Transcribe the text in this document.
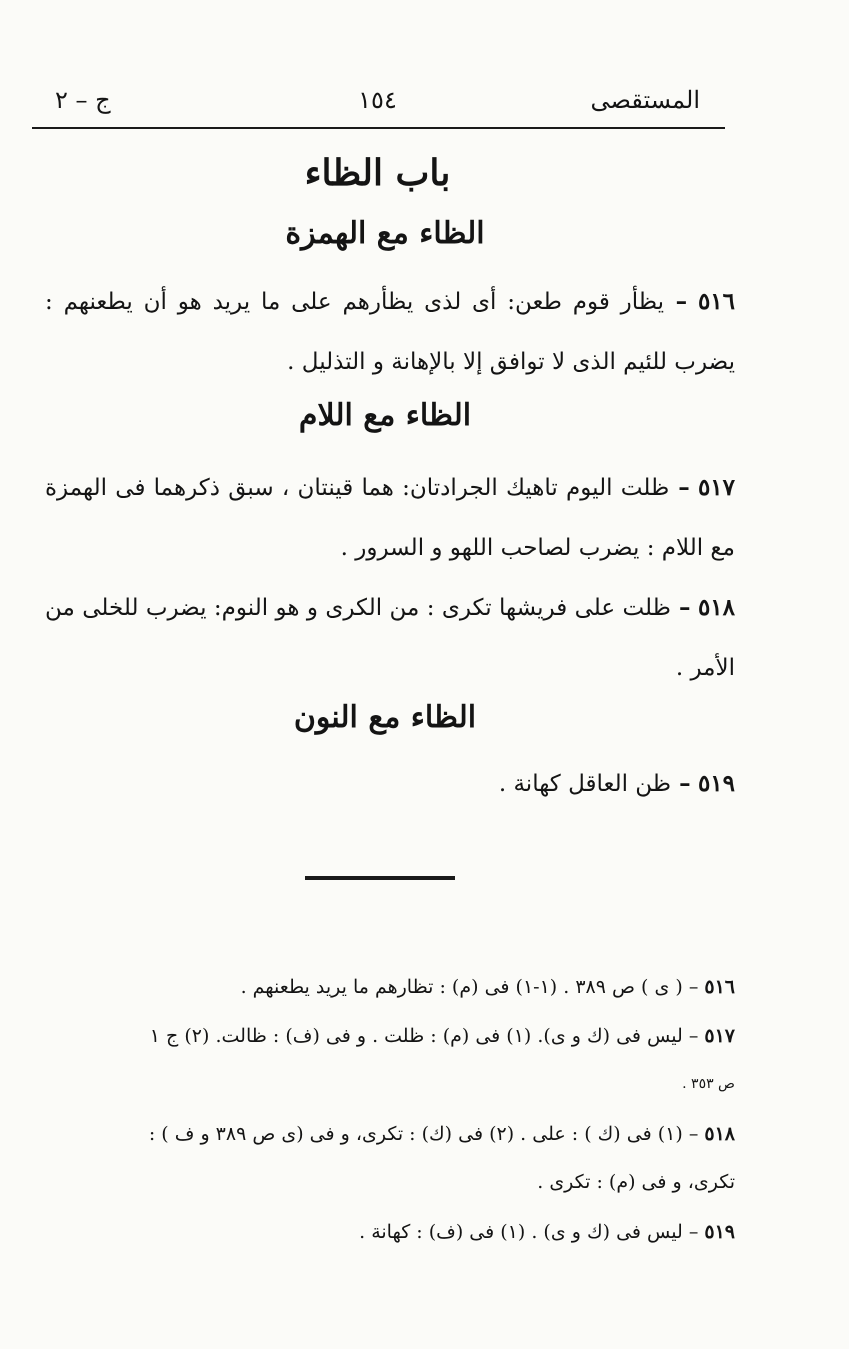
المستقصى
١٥٤
ج – ٢
باب الظاء
الظاء مع الهمزة
٥١٦ – يظأر قوم طعن: أى لذى يظأرهم على ما يريد هو أن يطعنهم : يضرب للئيم الذى لا توافق إلا بالإهانة و التذليل .
الظاء مع اللام
٥١٧ – ظلت اليوم تاهيك الجرادتان: هما قينتان ، سبق ذكرهما فى الهمزة مع اللام : يضرب لصاحب اللهو و السرور .
٥١٨ – ظلت على فريشها تكرى : من الكرى و هو النوم: يضرب للخلى من الأمر .
الظاء مع النون
٥١٩ – ظن العاقل كهانة .
٥١٦ – ( ى ) ص ٣٨٩ . (١-١) فى (م) : تظارهم ما يريد يطعنهم .
٥١٧ – ليس فى (ك و ى). (١) فى (م) : ظلت . و فى (ف) : ظالت. (٢) ج ١
ص ٣٥٣ .
٥١٨ – (١) فى (ك ) : على . (٢) فى (ك) : تكرى، و فى (ى ص ٣٨٩ و ف ) :
تكرى، و فى (م) : تكرى .
٥١٩ – ليس فى (ك و ى) . (١) فى (ف) : كهانة .
